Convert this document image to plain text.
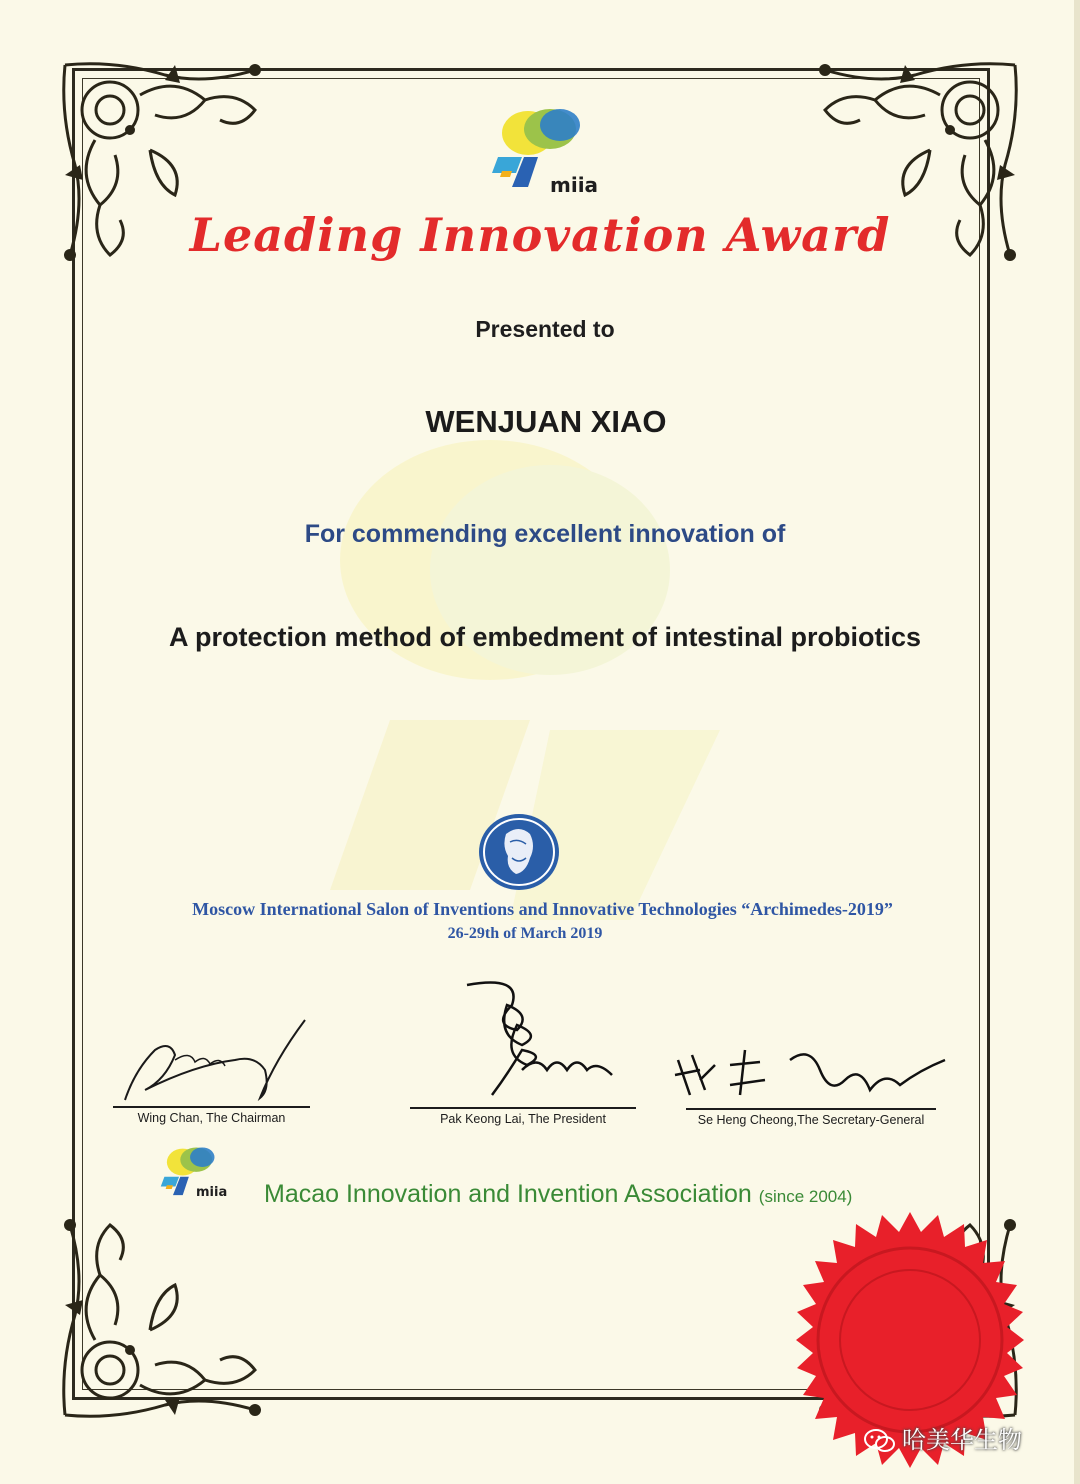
miia
Leading Innovation Award
Presented to
WENJUAN XIAO
For commending excellent innovation of
A protection method of embedment of intestinal probiotics
Moscow International Salon of Inventions and Innovative Technologies “Archimedes-2019”
26-29th of March 2019
Wing Chan, The Chairman	Pak Keong Lai, The President	Se Heng Cheong,The Secretary-General
miia Macao Innovation and Invention Association (since 2004)
哈美华生物
